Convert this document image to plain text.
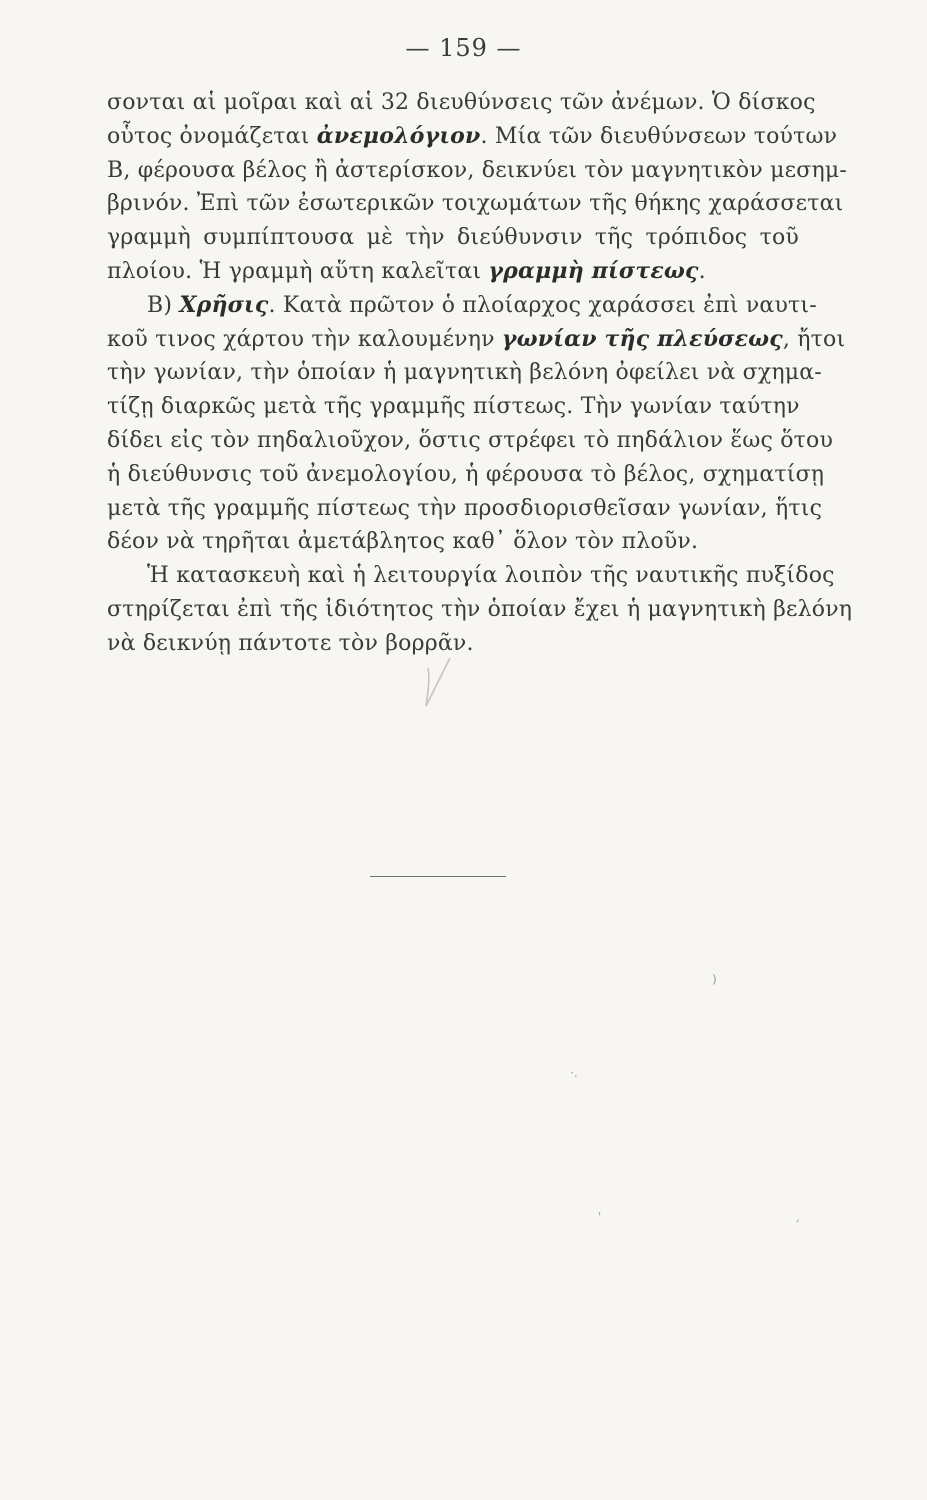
— 159 —
σονται αἱ μοῖραι καὶ αἱ 32 διευθύνσεις τῶν ἀνέμων. Ὁ δίσκος
οὗτος ὀνομάζεται ἀνεμολόγιον. Μία τῶν διευθύνσεων τούτων
Β, φέρουσα βέλος ἢ ἀστερίσκον, δεικνύει τὸν μαγνητικὸν μεσημ-
βρινόν. Ἐπὶ τῶν ἐσωτερικῶν τοιχωμάτων τῆς θήκης χαράσσεται
γραμμὴ συμπίπτουσα μὲ τὴν διεύθυνσιν τῆς τρόπιδος τοῦ
πλοίου. Ἡ γραμμὴ αὕτη καλεῖται γραμμὴ πίστεως.
Β) Χρῆσις. Κατὰ πρῶτον ὁ πλοίαρχος χαράσσει ἐπὶ ναυτι-
κοῦ τινος χάρτου τὴν καλουμένην γωνίαν τῆς πλεύσεως, ἤτοι
τὴν γωνίαν, τὴν ὁποίαν ἡ μαγνητικὴ βελόνη ὀφείλει νὰ σχημα-
τίζῃ διαρκῶς μετὰ τῆς γραμμῆς πίστεως. Τὴν γωνίαν ταύτην
δίδει εἰς τὸν πηδαλιοῦχον, ὅστις στρέφει τὸ πηδάλιον ἕως ὅτου
ἡ διεύθυνσις τοῦ ἀνεμολογίου, ἡ φέρουσα τὸ βέλος, σχηματίσῃ
μετὰ τῆς γραμμῆς πίστεως τὴν προσδιορισθεῖσαν γωνίαν, ἥτις
δέον νὰ τηρῆται ἀμετάβλητος καθ᾽ ὅλον τὸν πλοῦν.
Ἡ κατασκευὴ καὶ ἡ λειτουργία λοιπὸν τῆς ναυτικῆς πυξίδος
στηρίζεται ἐπὶ τῆς ἰδιότητος τὴν ὁποίαν ἔχει ἡ μαγνητικὴ βελόνη
νὰ δεικνύῃ πάντοτε τὸν βορρᾶν.
)
·.
'	,
